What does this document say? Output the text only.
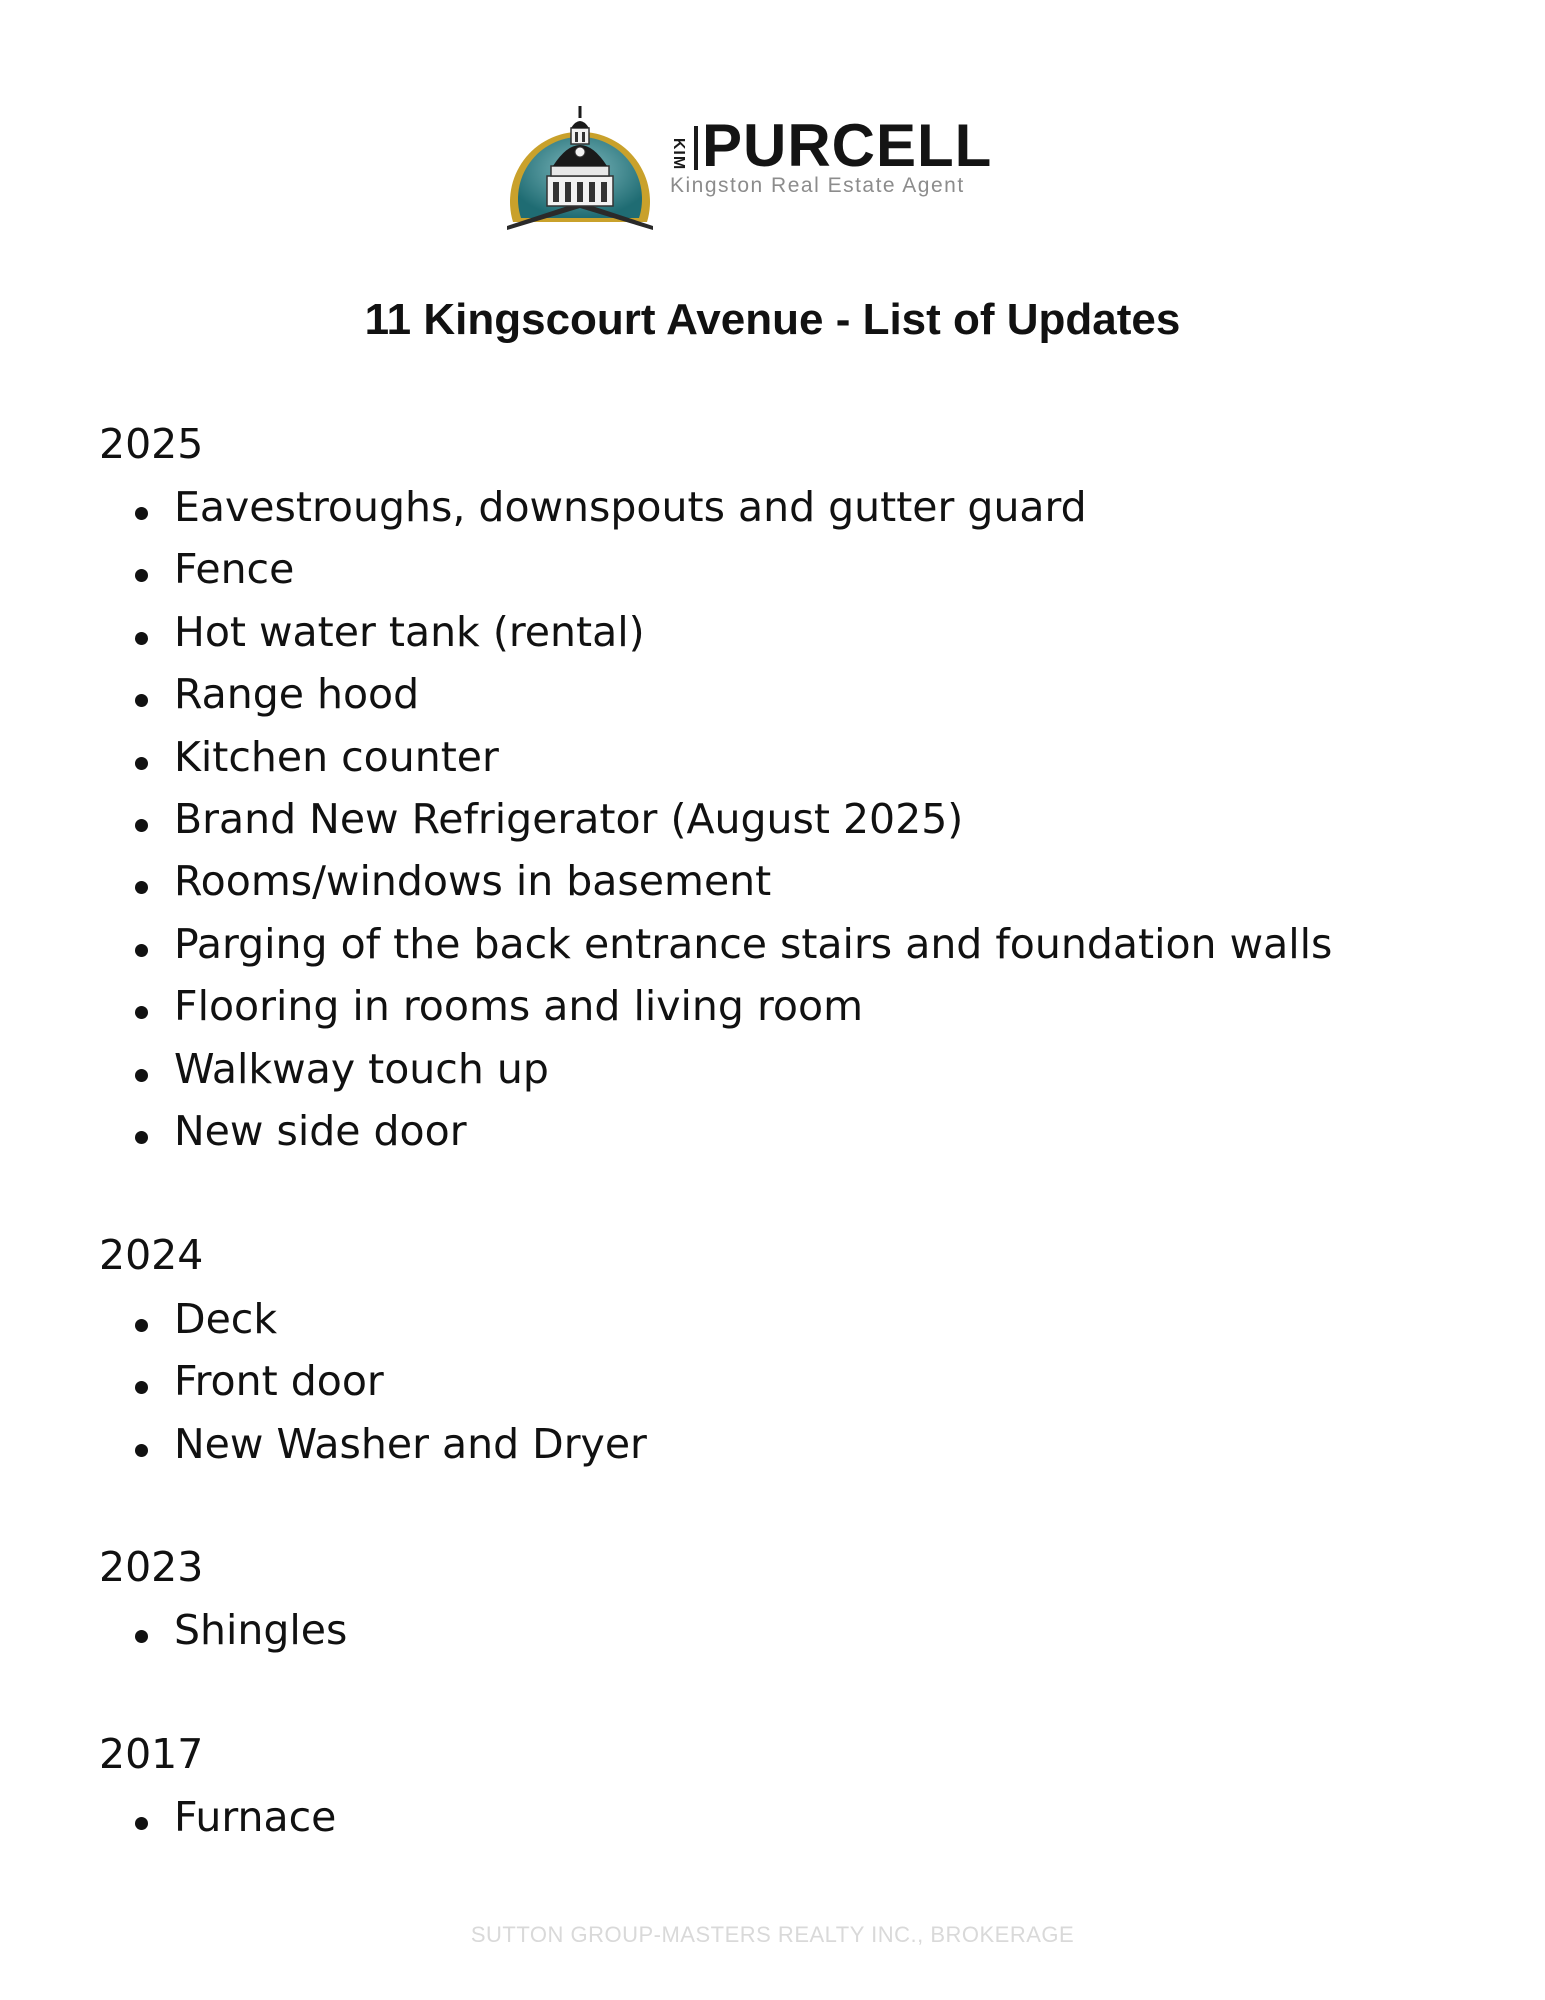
KIM PURCELL
Kingston Real Estate Agent
11 Kingscourt Avenue - List of Updates
2025
Eavestroughs, downspouts and gutter guard
Fence
Hot water tank (rental)
Range hood
Kitchen counter
Brand New Refrigerator (August 2025)
Rooms/windows in basement
Parging of the back entrance stairs and foundation walls
Flooring in rooms and living room
Walkway touch up
New side door
2024
Deck
Front door
New Washer and Dryer
2023
Shingles
2017
Furnace
SUTTON GROUP-MASTERS REALTY INC., BROKERAGE
